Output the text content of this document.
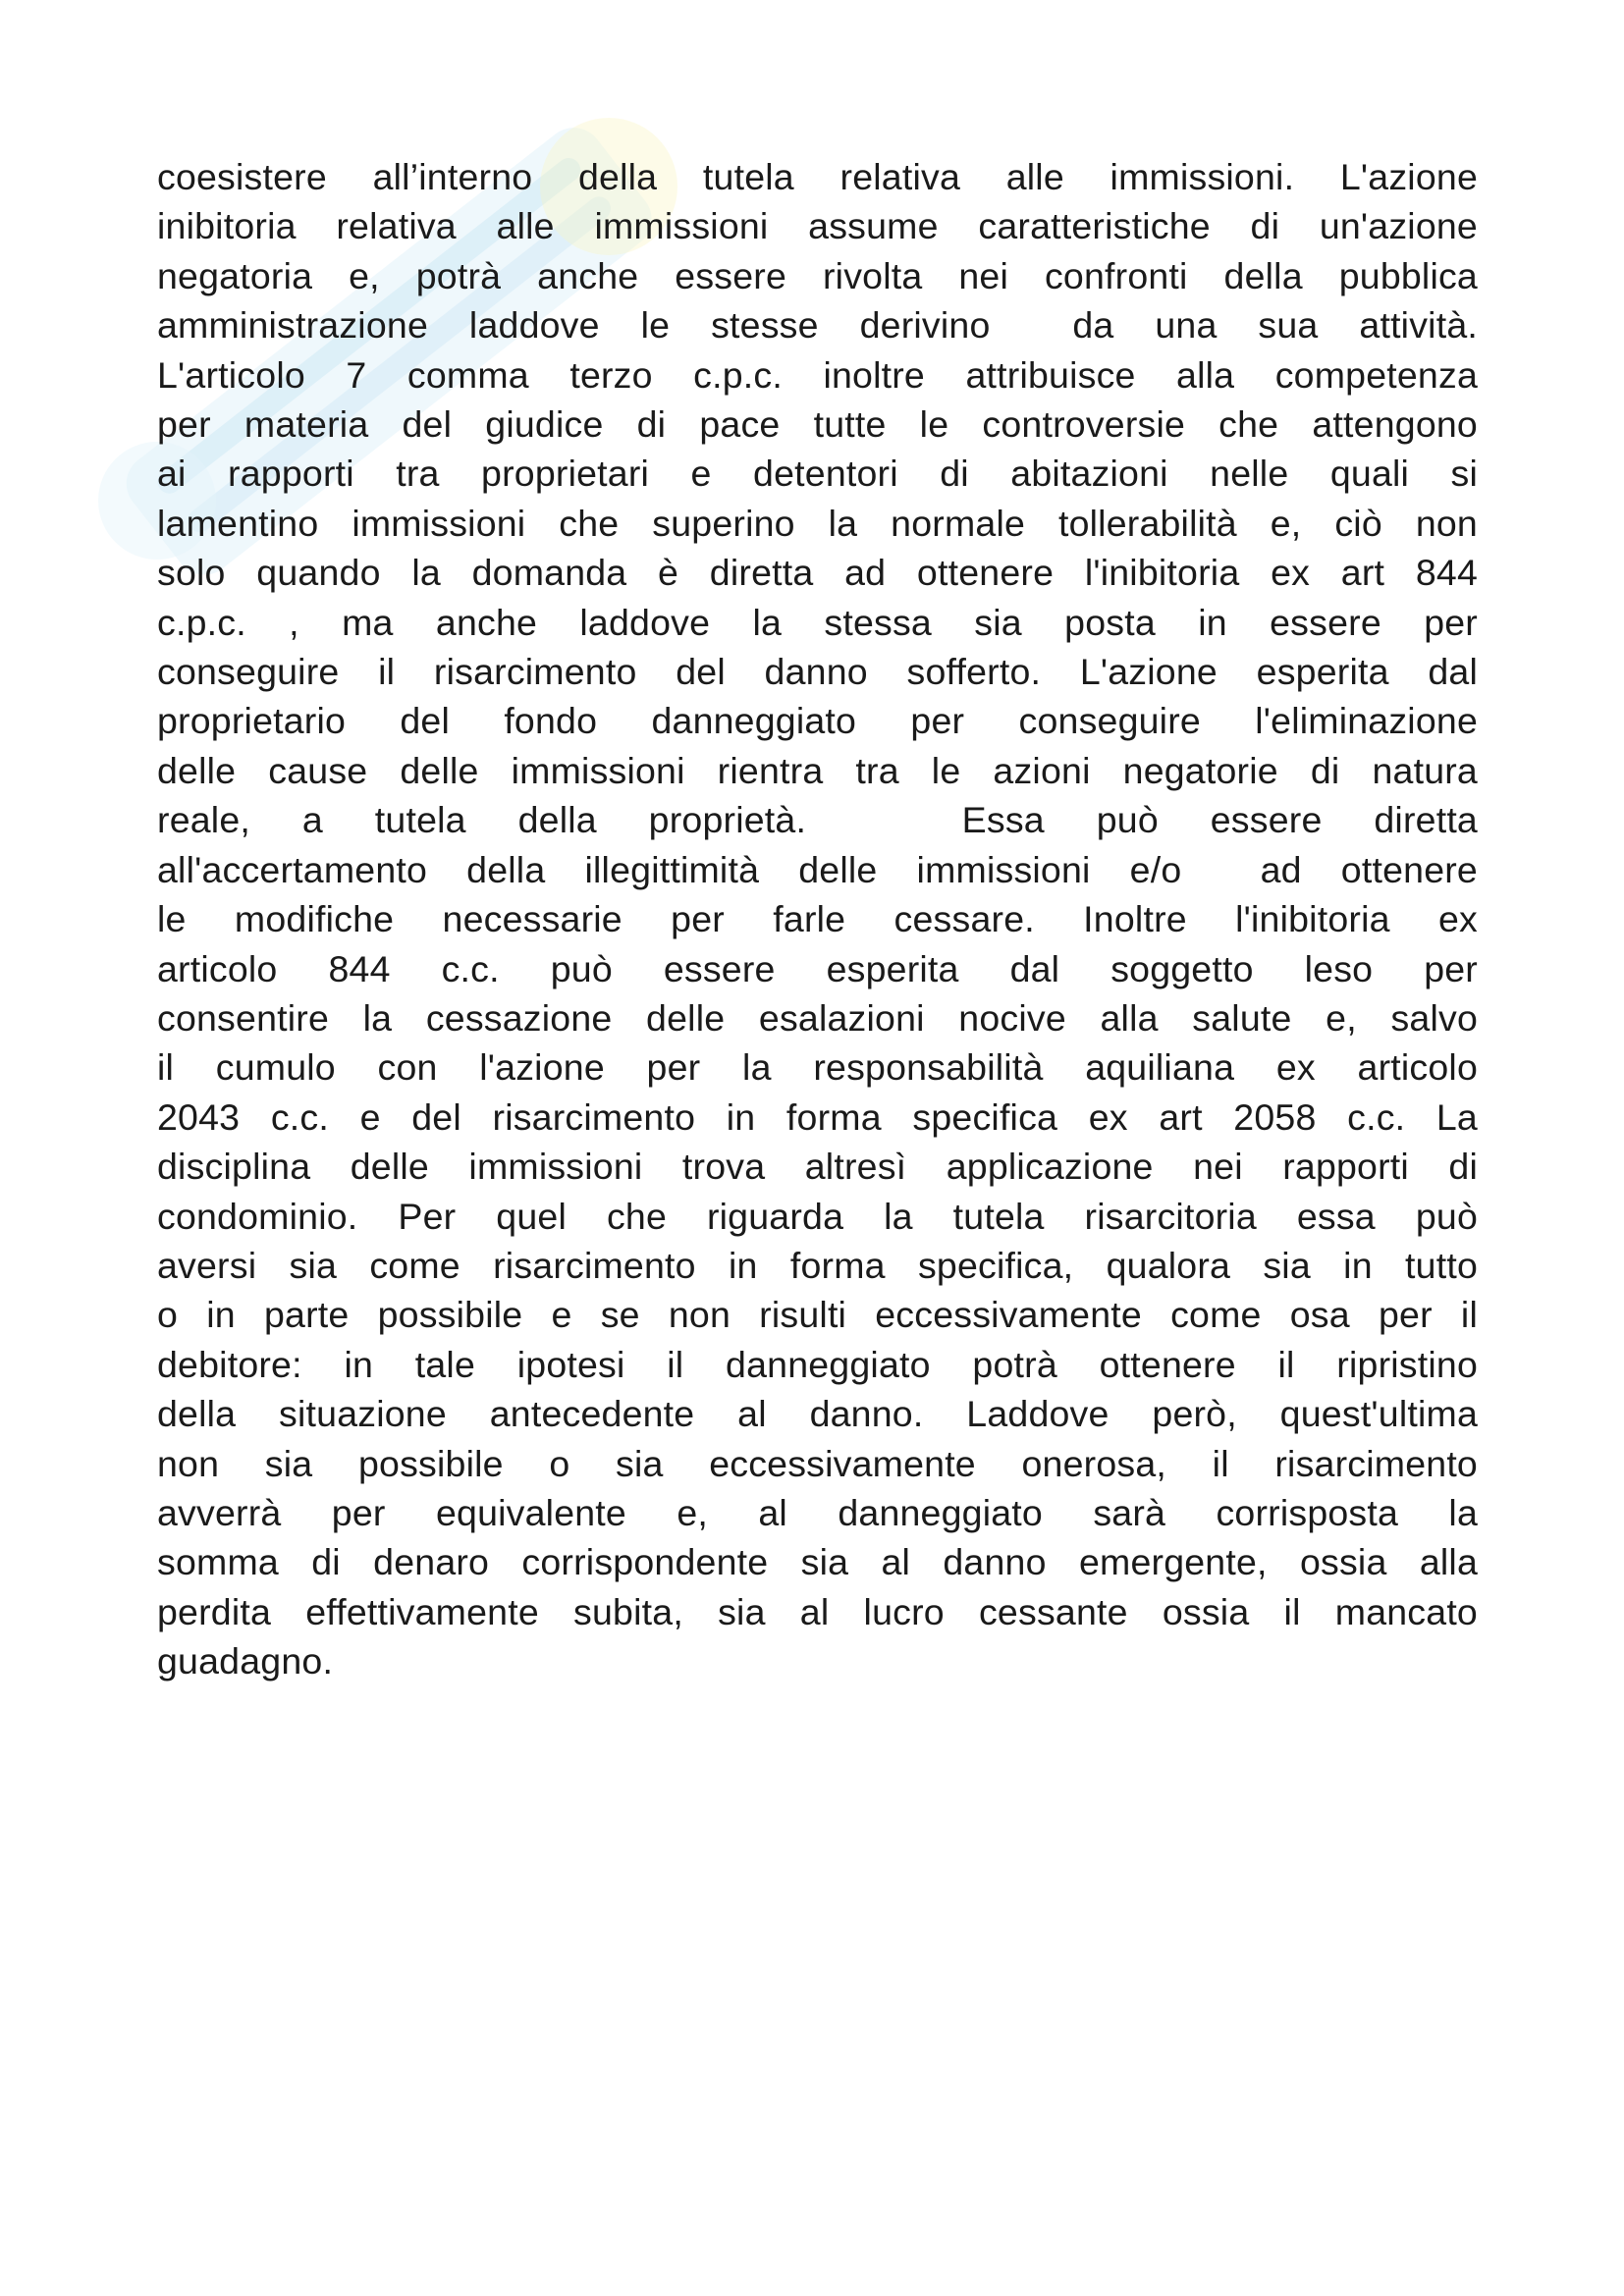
coesistere all’interno della tutela relativa alle immissioni. L'azione
inibitoria relativa alle immissioni assume caratteristiche di un'azione
negatoria e, potrà anche essere rivolta nei confronti della pubblica
amministrazione laddove le stesse derivino  da una sua attività.
L'articolo 7 comma terzo c.p.c. inoltre attribuisce alla competenza
per materia del giudice di pace tutte le controversie che attengono
ai rapporti tra proprietari e detentori di abitazioni nelle quali si
lamentino immissioni che superino la normale tollerabilità e, ciò non
solo quando la domanda è diretta ad ottenere l'inibitoria ex art 844
c.p.c. , ma anche laddove la stessa sia posta in essere per
conseguire il risarcimento del danno sofferto. L'azione esperita dal
proprietario del fondo danneggiato per conseguire l'eliminazione
delle cause delle immissioni rientra tra le azioni negatorie di natura
reale, a tutela della proprietà.   Essa può essere diretta
all'accertamento della illegittimità delle immissioni e/o  ad ottenere
le modifiche necessarie per farle cessare. Inoltre l'inibitoria ex
articolo 844 c.c. può essere esperita dal soggetto leso per
consentire la cessazione delle esalazioni nocive alla salute e, salvo
il cumulo con l'azione per la responsabilità aquiliana ex articolo
2043 c.c. e del risarcimento in forma specifica ex art 2058 c.c. La
disciplina delle immissioni trova altresì applicazione nei rapporti di
condominio. Per quel che riguarda la tutela risarcitoria essa può
aversi sia come risarcimento in forma specifica, qualora sia in tutto
o in parte possibile e se non risulti eccessivamente come osa per il
debitore: in tale ipotesi il danneggiato potrà ottenere il ripristino
della situazione antecedente al danno. Laddove però, quest'ultima
non sia possibile o sia eccessivamente onerosa, il risarcimento
avverrà per equivalente e, al danneggiato sarà corrisposta la
somma di denaro corrispondente sia al danno emergente, ossia alla
perdita effettivamente subita, sia al lucro cessante ossia il mancato
guadagno.
